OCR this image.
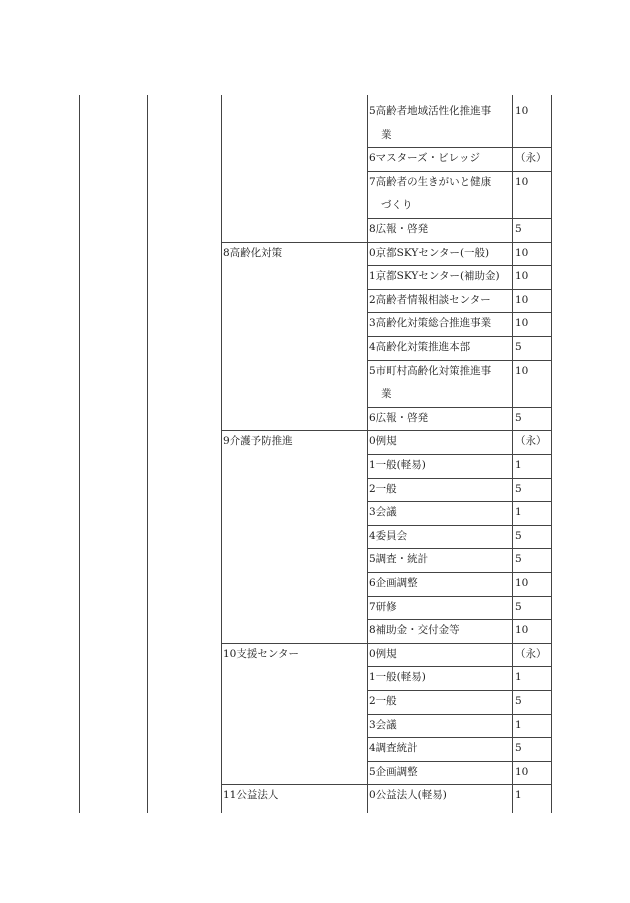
5高齢者地域活性化推進事
業
10
6マスターズ・ビレッジ	（永）
7高齢者の生きがいと健康
づくり
10
8広報・啓発	5
8高齢化対策	0京都SKYセンター(一般) 10
1京都SKYセンター(補助金) 10
2高齢者情報相談センター 10
3高齢化対策総合推進事業 10
4高齢化対策推進本部	5
5市町村高齢化対策推進事
業
10
6広報・啓発	5
9介護予防推進	0例規	（永）
1一般(軽易)	1
2一般	5
3会議	1
4委員会	5
5調査・統計	5
6企画調整	10
7研修	5
8補助金・交付金等	10
10支援センター	0例規	（永）
1一般(軽易)	1
2一般	5
3会議	1
4調査統計	5
5企画調整	10
11公益法人	0公益法人(軽易)	1
